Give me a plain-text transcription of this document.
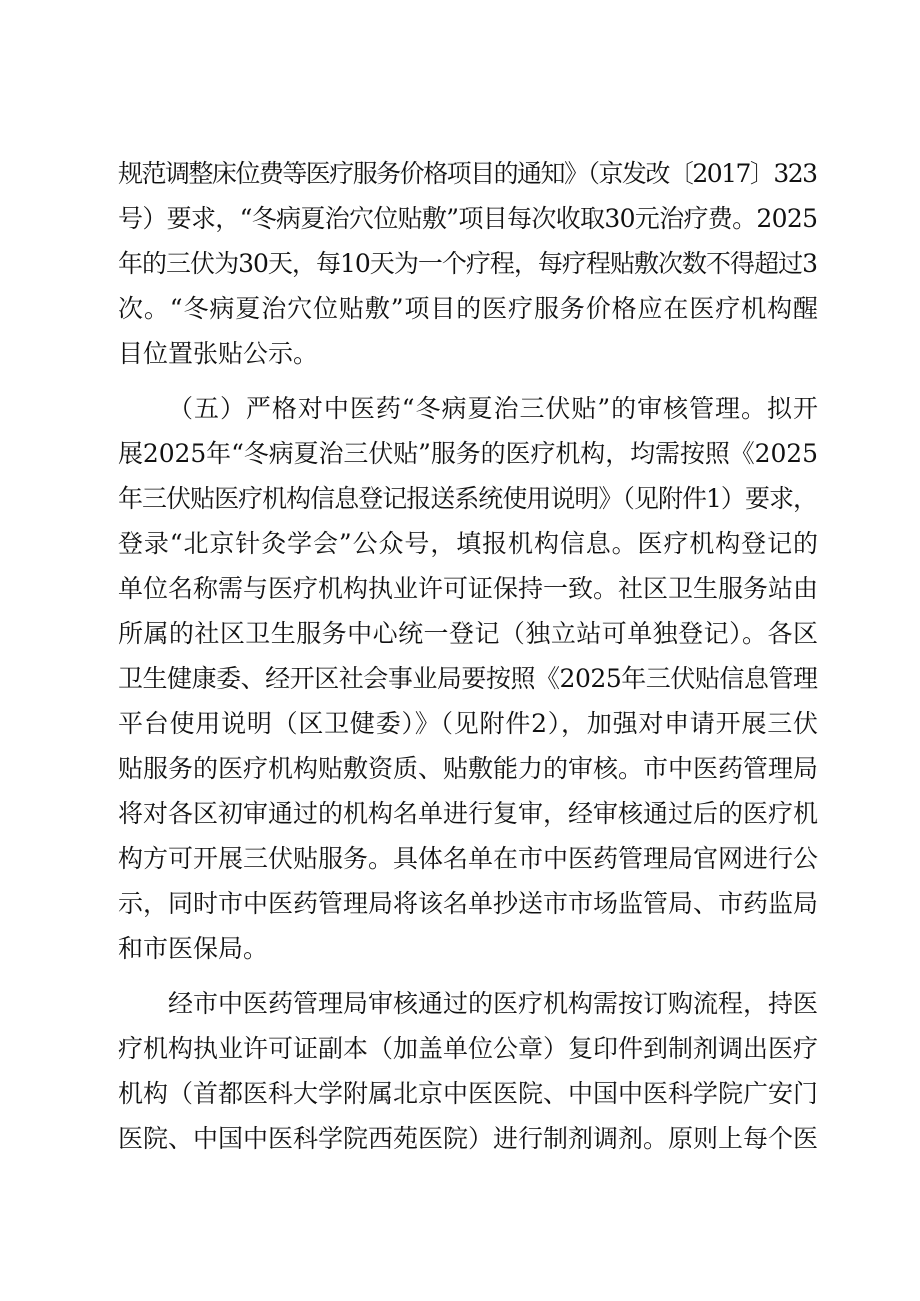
规范调整床位费等医疗服务价格项目的通知》（京发改〔2017〕323
号）要求，“冬病夏治穴位贴敷”项目每次收取30元治疗费。2025
年的三伏为30天，每10天为一个疗程，每疗程贴敷次数不得超过3
次。“冬病夏治穴位贴敷”项目的医疗服务价格应在医疗机构醒
目位置张贴公示。
（五）严格对中医药“冬病夏治三伏贴”的审核管理。拟开
展2025年“冬病夏治三伏贴”服务的医疗机构，均需按照《2025
年三伏贴医疗机构信息登记报送系统使用说明》（见附件1）要求，
登录“北京针灸学会”公众号，填报机构信息。医疗机构登记的
单位名称需与医疗机构执业许可证保持一致。社区卫生服务站由
所属的社区卫生服务中心统一登记（独立站可单独登记）。各区
卫生健康委、经开区社会事业局要按照《2025年三伏贴信息管理
平台使用说明（区卫健委）》（见附件2），加强对申请开展三伏
贴服务的医疗机构贴敷资质、贴敷能力的审核。市中医药管理局
将对各区初审通过的机构名单进行复审，经审核通过后的医疗机
构方可开展三伏贴服务。具体名单在市中医药管理局官网进行公
示，同时市中医药管理局将该名单抄送市市场监管局、市药监局
和市医保局。
经市中医药管理局审核通过的医疗机构需按订购流程，持医
疗机构执业许可证副本（加盖单位公章）复印件到制剂调出医疗
机构（首都医科大学附属北京中医医院、中国中医科学院广安门
医院、中国中医科学院西苑医院）进行制剂调剂。原则上每个医
